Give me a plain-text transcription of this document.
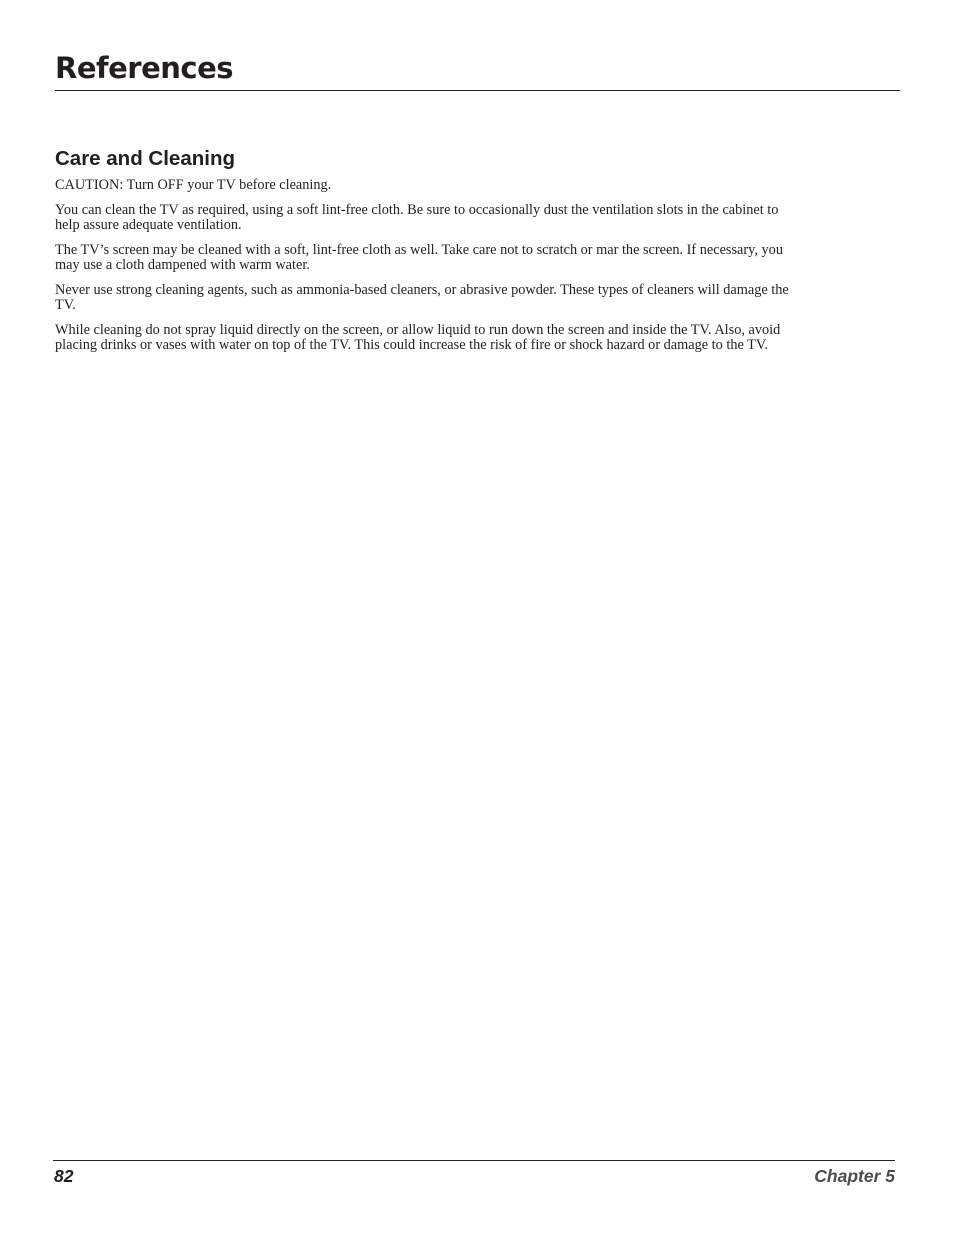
References
Care and Cleaning

CAUTION: Turn OFF your TV before cleaning.

You can clean the TV as required, using a soft lint-free cloth. Be sure to occasionally dust the ventilation slots in the cabinet to help assure adequate ventilation.

The TV’s screen may be cleaned with a soft, lint-free cloth as well. Take care not to scratch or mar the screen. If necessary, you may use a cloth dampened with warm water.

Never use strong cleaning agents, such as ammonia-based cleaners, or abrasive powder. These types of cleaners will damage the TV.

While cleaning do not spray liquid directly on the screen, or allow liquid to run down the screen and inside the TV. Also, avoid placing drinks or vases with water on top of the TV. This could increase the risk of fire or shock hazard or damage to the TV.

82	Chapter 5
